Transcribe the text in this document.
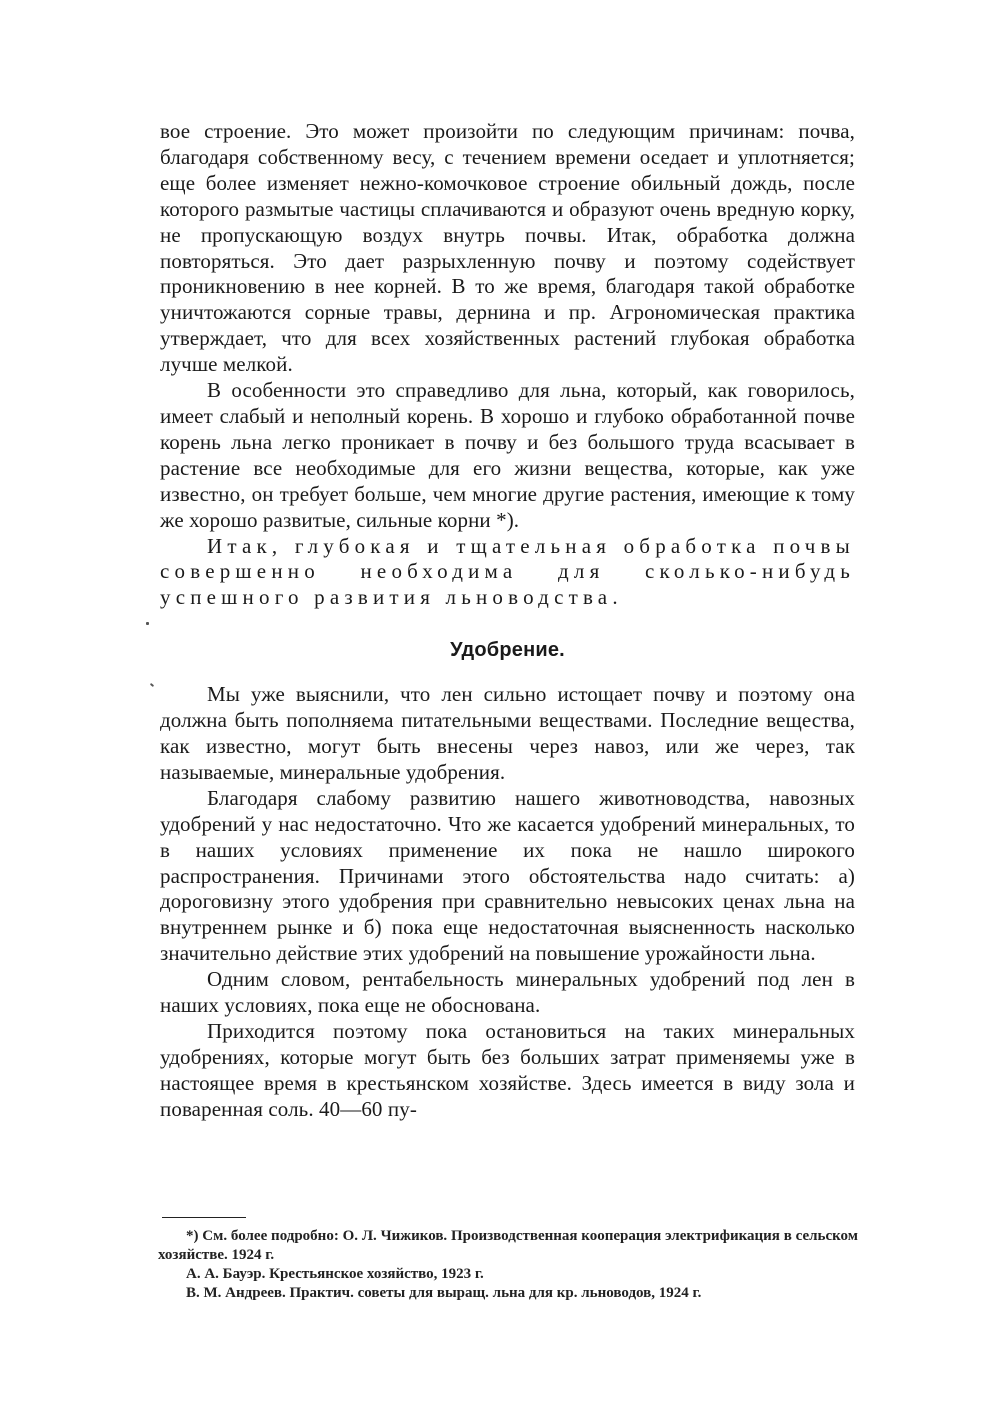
вое строение. Это может произойти по следующим причинам: почва, благодаря собственному весу, с течением времени оседает и уплотняется; еще более изменяет нежно-комочковое строение обильный дождь, после которого размытые частицы сплачиваются и образуют очень вредную корку, не пропускающую воздух внутрь почвы. Итак, обработка должна повторяться. Это дает разрыхленную почву и поэтому содействует проникновению в нее корней. В то же время, благодаря такой обработке уничтожаются сорные травы, дернина и пр. Агрономическая практика утверждает, что для всех хозяйственных растений глубокая обработка лучше мелкой.

В особенности это справедливо для льна, который, как говорилось, имеет слабый и неполный корень. В хорошо и глубоко обработанной почве корень льна легко проникает в почву и без большого труда всасывает в растение все необходимые для его жизни вещества, которые, как уже известно, он требует больше, чем многие другие растения, имеющие к тому же хорошо развитые, сильные корни *).

Итак, глубокая и тщательная обработка почвы совершенно необходима для сколько-нибудь успешного развития льноводства.

Удобрение.

Мы уже выяснили, что лен сильно истощает почву и поэтому она должна быть пополняема питательными веществами. Последние вещества, как известно, могут быть внесены через навоз, или же через, так называемые, минеральные удобрения.

Благодаря слабому развитию нашего животноводства, навозных удобрений у нас недостаточно. Что же касается удобрений минеральных, то в наших условиях применение их пока не нашло широкого распространения. Причинами этого обстоятельства надо считать: а) дороговизну этого удобрения при сравнительно невысоких ценах льна на внутреннем рынке и б) пока еще недостаточная выясненность насколько значительно действие этих удобрений на повышение урожайности льна.

Одним словом, рентабельность минеральных удобрений под лен в наших условиях, пока еще не обоснована.

Приходится поэтому пока остановиться на таких минеральных удобрениях, которые могут быть без больших затрат применяемы уже в настоящее время в крестьянском хозяйстве. Здесь имеется в виду зола и поваренная соль. 40—60 пу-

*) См. более подробно: О. Л. Чижиков. Производственная кооперация электрификация в сельском хозяйстве. 1924 г.

А. А. Бауэр. Крестьянское хозяйство, 1923 г.

В. М. Андреев. Практич. советы для выращ. льна для кр. льноводов, 1924 г.
